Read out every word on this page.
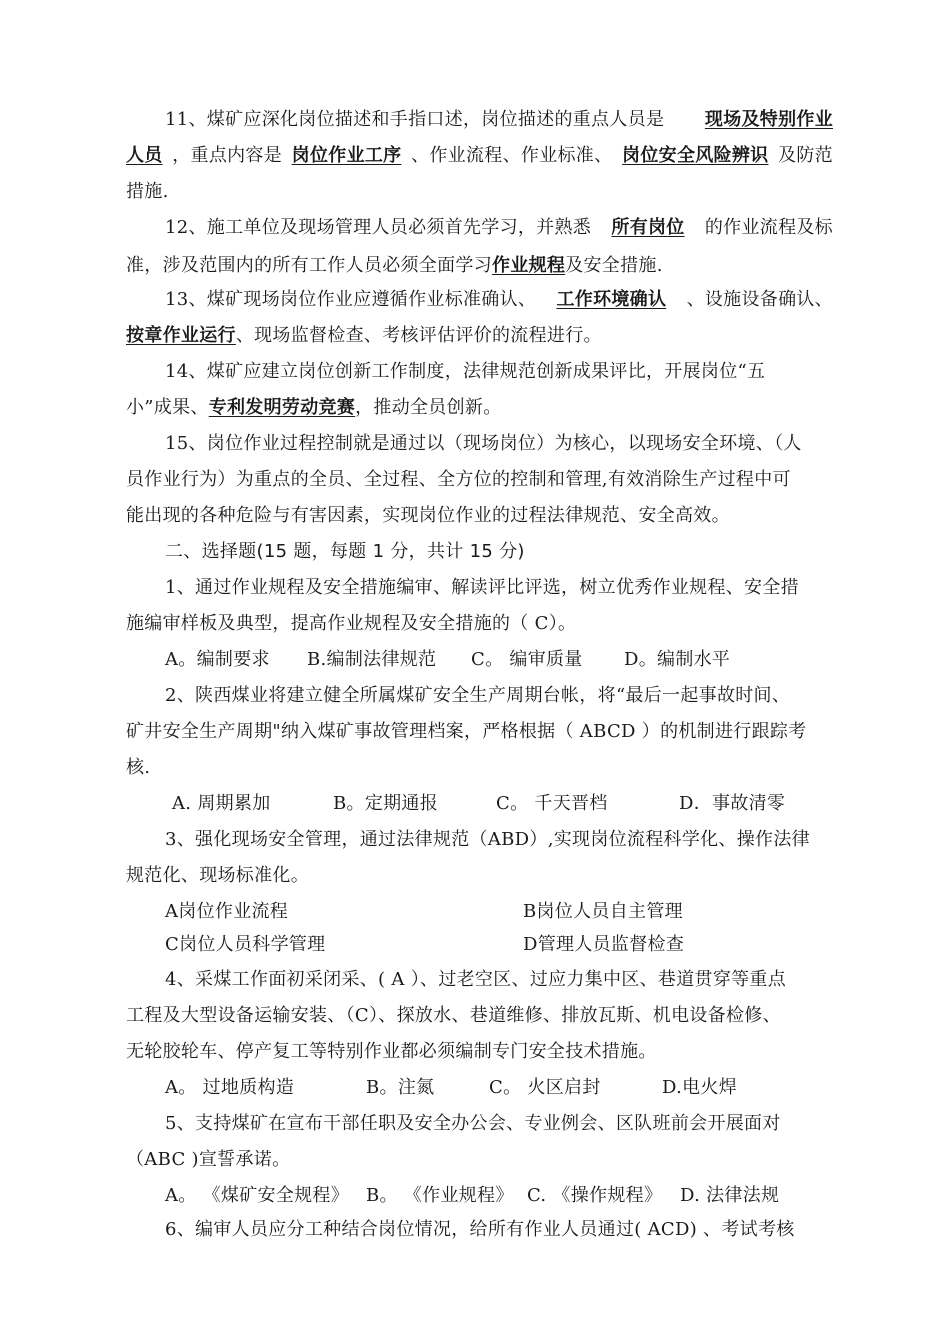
11、煤矿应深化岗位描述和手指口述，岗位描述的重点人员是 现场及特别作业
人员 ，重点内容是 岗位作业工序 、作业流程、作业标准、 岗位安全风险辨识 及防范
措施.
12、施工单位及现场管理人员必须首先学习，并熟悉 所有岗位 的作业流程及标
准，涉及范围内的所有工作人员必须全面学习作业规程及安全措施.
13、煤矿现场岗位作业应遵循作业标准确认、 工作环境确认 、设施设备确认、
按章作业运行、现场监督检查、考核评估评价的流程进行。
14、煤矿应建立岗位创新工作制度，法律规范创新成果评比，开展岗位“五
小”成果、专利发明劳动竞赛，推动全员创新。
15、岗位作业过程控制就是通过以（现场岗位）为核心，以现场安全环境、（人
员作业行为）为重点的全员、全过程、全方位的控制和管理,有效消除生产过程中可
能出现的各种危险与有害因素，实现岗位作业的过程法律规范、安全高效。
二、选择题(15 题，每题 1 分，共计 15 分)
1、通过作业规程及安全措施编审、解读评比评选，树立优秀作业规程、安全措
施编审样板及典型，提高作业规程及安全措施的（ C）。
A。编制要求 B.编制法律规范 C。 编审质量 D。编制水平
2、陕西煤业将建立健全所属煤矿安全生产周期台帐，将“最后一起事故时间、
矿井安全生产周期"纳入煤矿事故管理档案，严格根据（ ABCD ）的机制进行跟踪考
核.
A. 周期累加	B。定期通报	C。 千天晋档	D．事故清零
3、强化现场安全管理，通过法律规范（ABD）,实现岗位流程科学化、操作法律
规范化、现场标准化。
A岗位作业流程	B岗位人员自主管理
C岗位人员科学管理	D管理人员监督检查
4、采煤工作面初采闭采、( A ）、过老空区、过应力集中区、巷道贯穿等重点
工程及大型设备运输安装、（C）、探放水、巷道维修、排放瓦斯、机电设备检修、
无轮胶轮车、停产复工等特别作业都必须编制专门安全技术措施。
A。 过地质构造	B。注氮	C。 火区启封	D.电火焊
5、支持煤矿在宣布干部任职及安全办公会、专业例会、区队班前会开展面对
（ABC )宣誓承诺。
A。 《煤矿安全规程》 B。 《作业规程》 C. 《操作规程》 D. 法律法规
6、编审人员应分工种结合岗位情况，给所有作业人员通过( ACD) 、考试考核
